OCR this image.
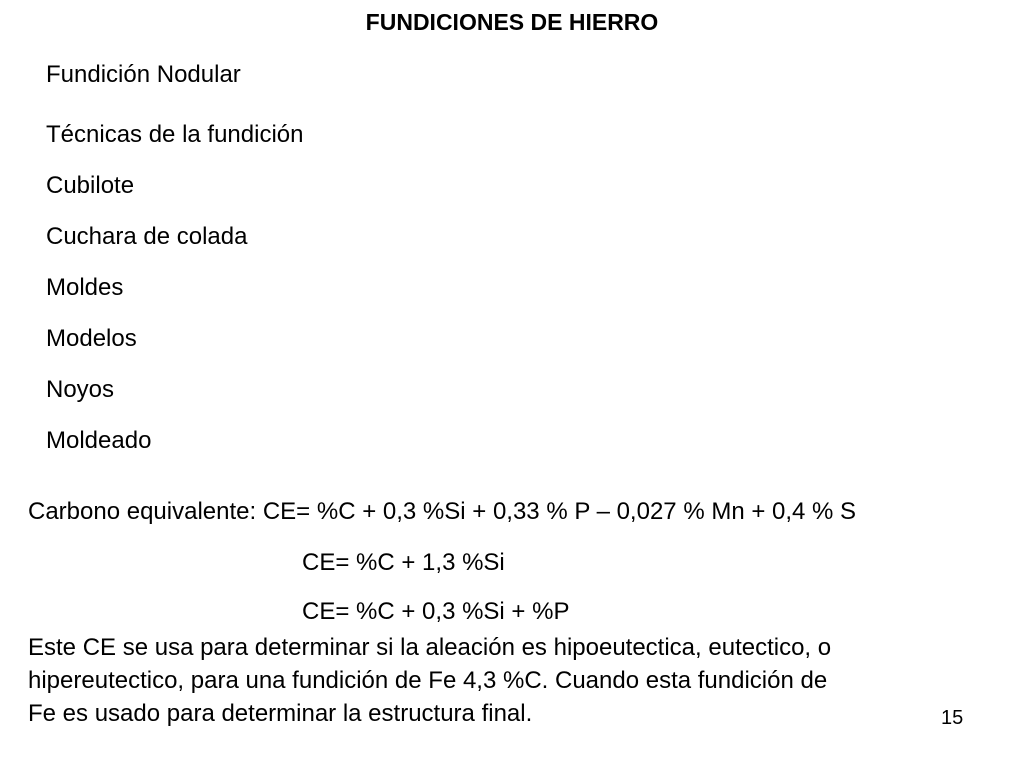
FUNDICIONES DE HIERRO
Fundición Nodular
Técnicas de la fundición
Cubilote
Cuchara de colada
Moldes
Modelos
Noyos
Moldeado
Carbono equivalente: CE= %C + 0,3 %Si + 0,33 % P – 0,027 % Mn + 0,4 % S
CE= %C + 1,3 %Si
CE= %C + 0,3 %Si + %P

Este CE se usa para determinar si la aleación es hipoeutectica, eutectico, o
hipereutectico, para una fundición de Fe 4,3 %C. Cuando esta fundición de
Fe es usado para determinar la estructura final.	15
